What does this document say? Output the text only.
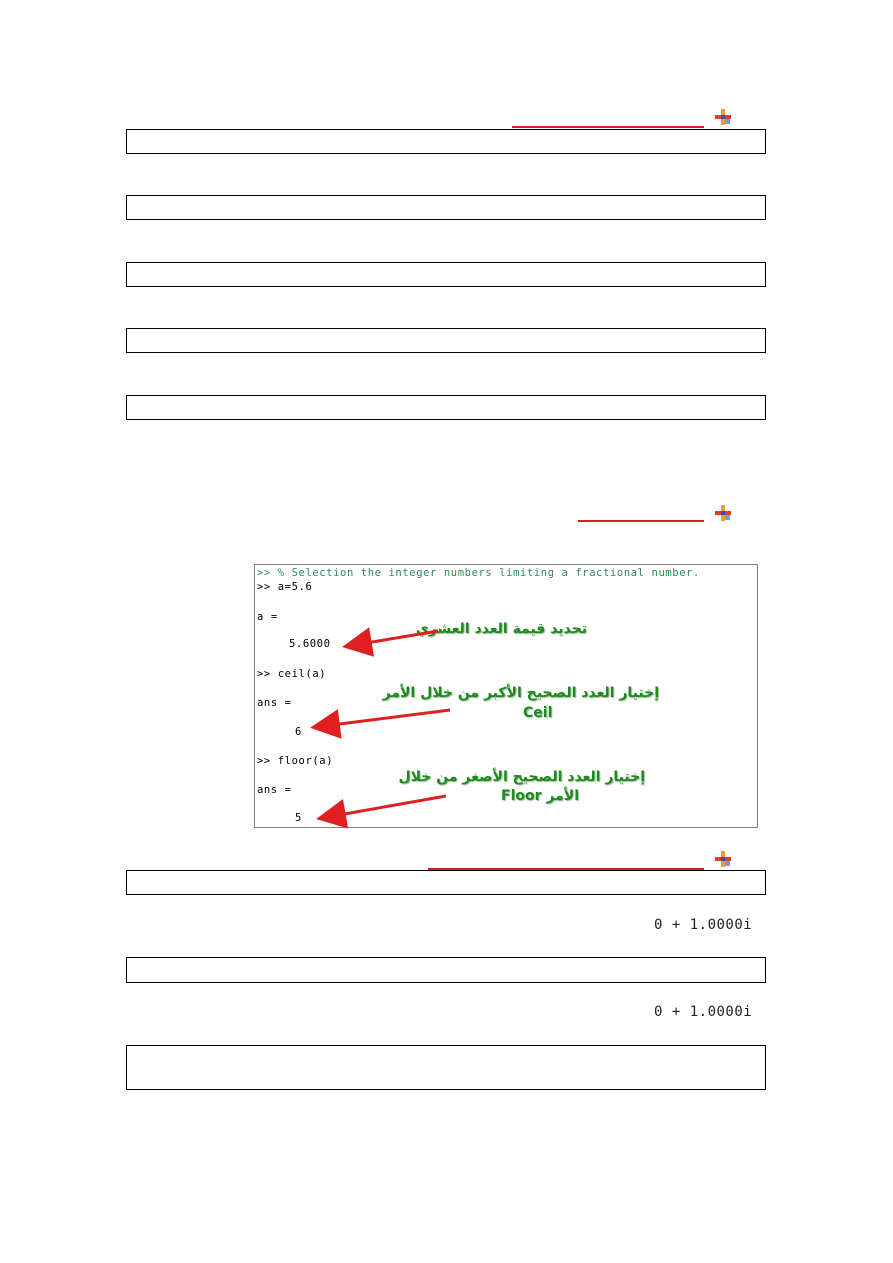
>> % Selection the integer numbers limiting a fractional number.
>> a=5.6
a =
5.6000
>> ceil(a)
ans =
6
>> floor(a)
ans =
5
تحديد قيمة العدد العشري
إختيار العدد الصحيح الأكبر من خلال الأمر
Ceil
إختيار العدد الصحيح الأصغر من خلال
الأمر Floor
0 + 1.0000i
0 + 1.0000i
